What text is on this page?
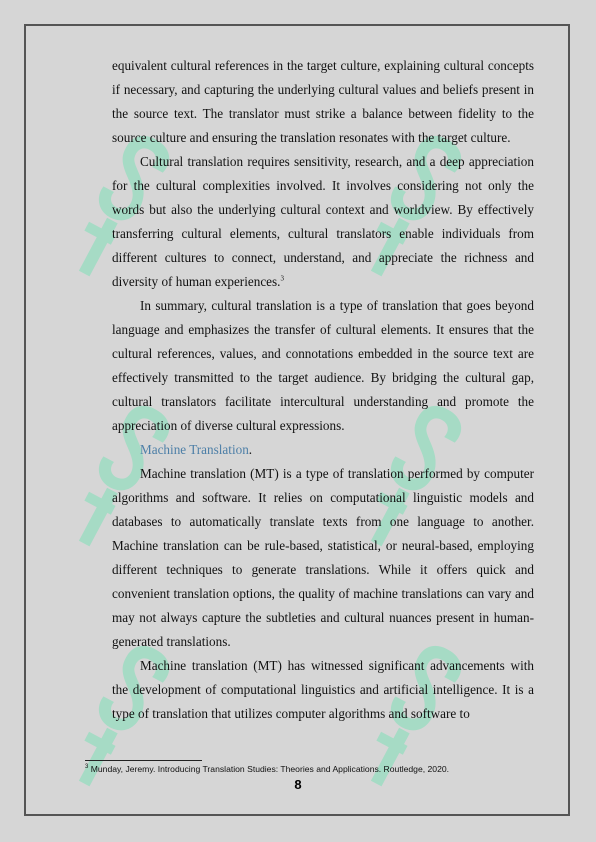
equivalent cultural references in the target culture, explaining cultural concepts if necessary, and capturing the underlying cultural values and beliefs present in the source text. The translator must strike a balance between fidelity to the source culture and ensuring the translation resonates with the target culture.

Cultural translation requires sensitivity, research, and a deep appreciation for the cultural complexities involved. It involves considering not only the words but also the underlying cultural context and worldview. By effectively transferring cultural elements, cultural translators enable individuals from different cultures to connect, understand, and appreciate the richness and diversity of human experiences.$^3$

In summary, cultural translation is a type of translation that goes beyond language and emphasizes the transfer of cultural elements. It ensures that the cultural references, values, and connotations embedded in the source text are effectively transmitted to the target audience. By bridging the cultural gap, cultural translators facilitate intercultural understanding and promote the appreciation of diverse cultural expressions.

Machine Translation.

Machine translation (MT) is a type of translation performed by computer algorithms and software. It relies on computational linguistic models and databases to automatically translate texts from one language to another. Machine translation can be rule-based, statistical, or neural-based, employing different techniques to generate translations. While it offers quick and convenient translation options, the quality of machine translations can vary and may not always capture the subtleties and cultural nuances present in human-generated translations.

Machine translation (MT) has witnessed significant advancements with the development of computational linguistics and artificial intelligence. It is a type of translation that utilizes computer algorithms and software to

$^3$ Munday, Jeremy. Introducing Translation Studies: Theories and Applications. Routledge, 2020.
8
